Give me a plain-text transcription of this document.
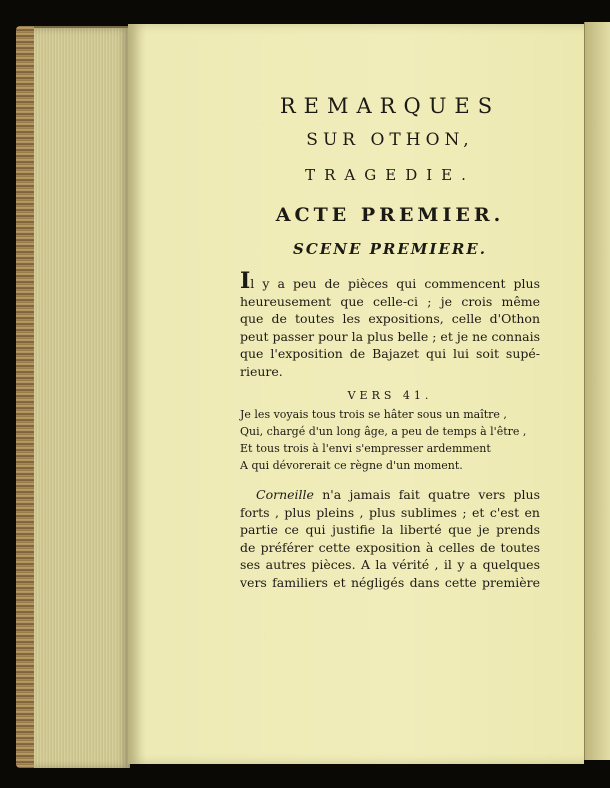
REMARQUES

SUR OTHON,

TRAGEDIE.

ACTE PREMIER.

SCENE PREMIERE.

Il y a peu de pièces qui commencent plus
heureusement que celle-ci ; je crois même
que de toutes les expositions, celle d'Othon
peut passer pour la plus belle ; et je ne connais
que l'exposition de Bajazet qui lui soit supé-
rieure.

VERS 41.

Je les voyais tous trois se hâter sous un maître ,
Qui, chargé d'un long âge, a peu de temps à l'être ,
Et tous trois à l'envi s'empresser ardemment
A qui dévorerait ce règne d'un moment.
Corneille n'a jamais fait quatre vers plus
forts , plus pleins , plus sublimes ; et c'est en
partie ce qui justifie la liberté que je prends
de préférer cette exposition à celles de toutes
ses autres pièces. A la vérité , il y a quelques
vers familiers et négligés dans cette première
